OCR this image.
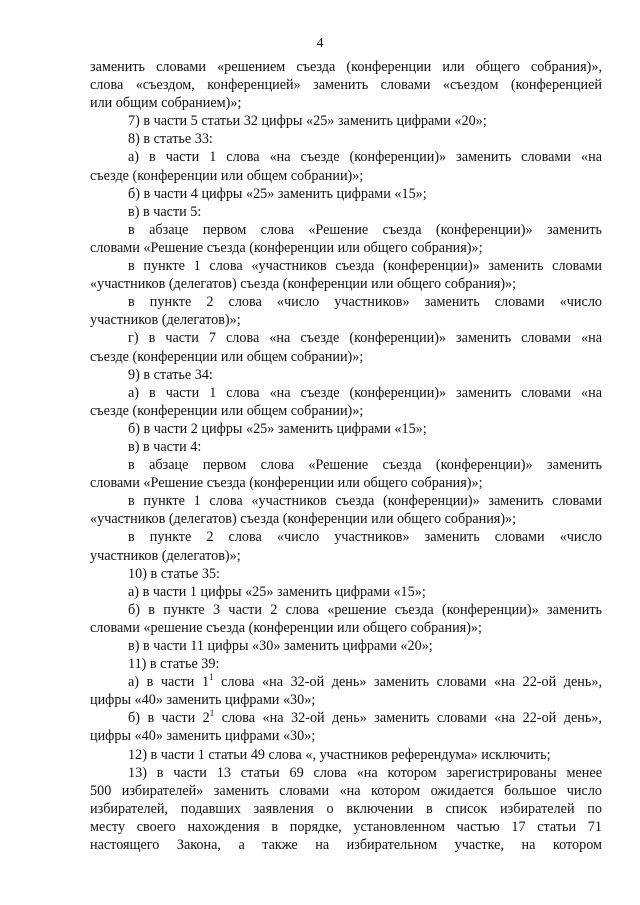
4
заменить словами «решением съезда (конференции или общего собрания)»,
слова «съездом, конференцией» заменить словами «съездом (конференцией
или общим собранием)»;
7) в части 5 статьи 32 цифры «25» заменить цифрами «20»;
8) в статье 33:
а) в части 1 слова «на съезде (конференции)» заменить словами «на
съезде (конференции или общем собрании)»;
б) в части 4 цифры «25» заменить цифрами «15»;
в) в части 5:
в абзаце первом слова «Решение съезда (конференции)» заменить
словами «Решение съезда (конференции или общего собрания)»;
в пункте 1 слова «участников съезда (конференции)» заменить словами
«участников (делегатов) съезда (конференции или общего собрания)»;
в пункте 2 слова «число участников» заменить словами «число
участников (делегатов)»;
г) в части 7 слова «на съезде (конференции)» заменить словами «на
съезде (конференции или общем собрании)»;
9) в статье 34:
а) в части 1 слова «на съезде (конференции)» заменить словами «на
съезде (конференции или общем собрании)»;
б) в части 2 цифры «25» заменить цифрами «15»;
в) в части 4:
в абзаце первом слова «Решение съезда (конференции)» заменить
словами «Решение съезда (конференции или общего собрания)»;
в пункте 1 слова «участников съезда (конференции)» заменить словами
«участников (делегатов) съезда (конференции или общего собрания)»;
в пункте 2 слова «число участников» заменить словами «число
участников (делегатов)»;
10) в статье 35:
а) в части 1 цифры «25» заменить цифрами «15»;
б) в пункте 3 части 2 слова «решение съезда (конференции)» заменить
словами «решение съезда (конференции или общего собрания)»;
в) в части 11 цифры «30» заменить цифрами «20»;
11) в статье 39:
а) в части $1^1$ слова «на 32-ой день» заменить словами «на 22-ой день»,
цифры «40» заменить цифрами «30»;
б) в части $2^1$ слова «на 32-ой день» заменить словами «на 22-ой день»,
цифры «40» заменить цифрами «30»;
12) в части 1 статьи 49 слова «, участников референдума» исключить;
13) в части 13 статьи 69 слова «на котором зарегистрированы менее
500 избирателей» заменить словами «на котором ожидается большое число
избирателей, подавших заявления о включении в список избирателей по
месту своего нахождения в порядке, установленном частью 17 статьи 71
настоящего Закона, а также на избирательном участке, на котором
